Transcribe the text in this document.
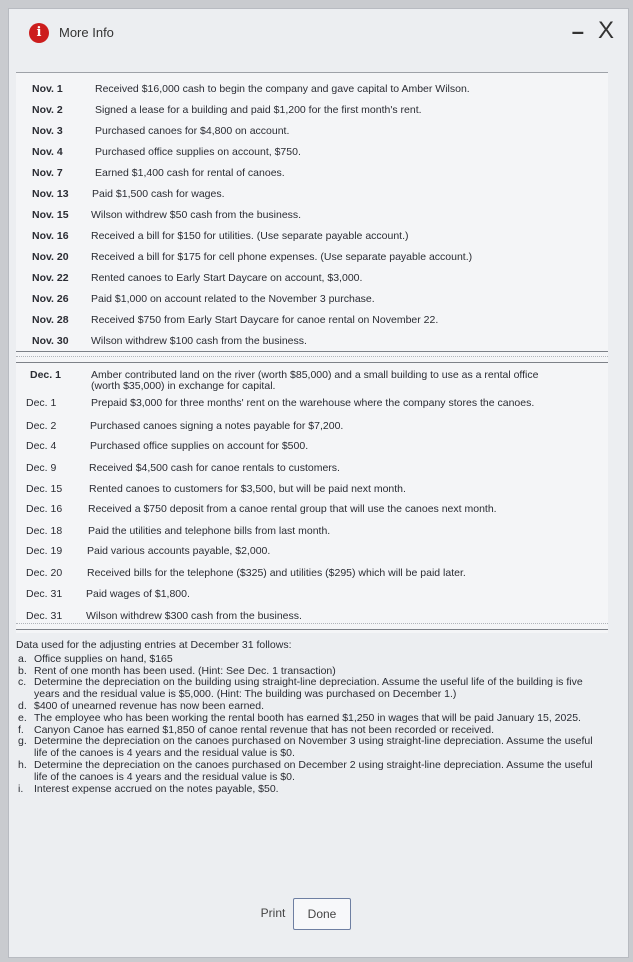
i	More Info	– X
Nov. 1	Received $16,000 cash to begin the company and gave capital to Amber Wilson.
Nov. 2	Signed a lease for a building and paid $1,200 for the first month's rent.
Nov. 3	Purchased canoes for $4,800 on account.
Nov. 4	Purchased office supplies on account, $750.
Nov. 7	Earned $1,400 cash for rental of canoes.
Nov. 13 Paid $1,500 cash for wages.
Nov. 15 Wilson withdrew $50 cash from the business.
Nov. 16 Received a bill for $150 for utilities. (Use separate payable account.)
Nov. 20 Received a bill for $175 for cell phone expenses. (Use separate payable account.)
Nov. 22 Rented canoes to Early Start Daycare on account, $3,000.
Nov. 26 Paid $1,000 on account related to the November 3 purchase.
Nov. 28 Received $750 from Early Start Daycare for canoe rental on November 22.
Nov. 30 Wilson withdrew $100 cash from the business.
Dec. 1	Amber contributed land on the river (worth $85,000) and a small building to use as a rental office
(worth $35,000) in exchange for capital.
Dec. 1	Prepaid $3,000 for three months' rent on the warehouse where the company stores the canoes.
Dec. 2	Purchased canoes signing a notes payable for $7,200.
Dec. 4	Purchased office supplies on account for $500.
Dec. 9	Received $4,500 cash for canoe rentals to customers.
Dec. 15	Rented canoes to customers for $3,500, but will be paid next month.
Dec. 16 Received a $750 deposit from a canoe rental group that will use the canoes next month.
Dec. 18 Paid the utilities and telephone bills from last month.
Dec. 19 Paid various accounts payable, $2,000.
Dec. 20 Received bills for the telephone ($325) and utilities ($295) which will be paid later.
Dec. 31 Paid wages of $1,800.
Dec. 31 Wilson withdrew $300 cash from the business.
Data used for the adjusting entries at December 31 follows:
a. Office supplies on hand, $165
b. Rent of one month has been used. (Hint: See Dec. 1 transaction)
c. Determine the depreciation on the building using straight-line depreciation. Assume the useful life of the building is five years and the residual value is $5,000. (Hint: The building was purchased on December 1.)
d. $400 of unearned revenue has now been earned.
e. The employee who has been working the rental booth has earned $1,250 in wages that will be paid January 15, 2025.
f. Canyon Canoe has earned $1,850 of canoe rental revenue that has not been recorded or received.
g. Determine the depreciation on the canoes purchased on November 3 using straight-line depreciation. Assume the useful life of the canoes is 4 years and the residual value is $0.
h. Determine the depreciation on the canoes purchased on December 2 using straight-line depreciation. Assume the useful life of the canoes is 4 years and the residual value is $0.
i. Interest expense accrued on the notes payable, $50.
Print	Done
